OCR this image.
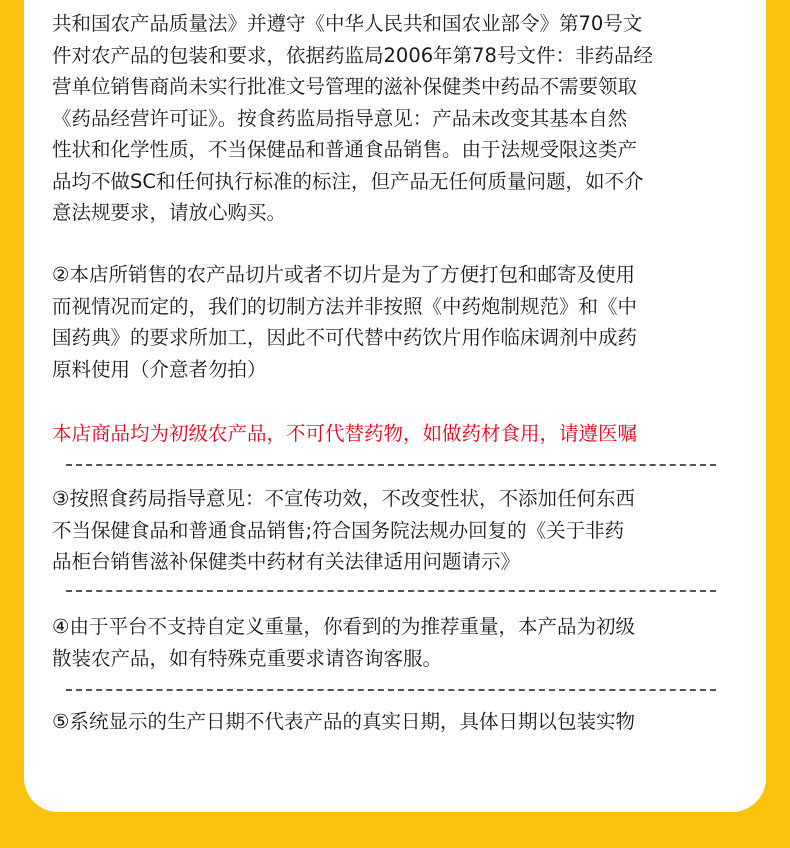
共和国农产品质量法》并遵守《中华人民共和国农业部令》第70号文
件对农产品的包装和要求，依据药监局2006年第78号文件：非药品经
营单位销售商尚未实行批准文号管理的滋补保健类中药品不需要领取
《药品经营许可证》。按食药监局指导意见：产品未改变其基本自然
性状和化学性质，不当保健品和普通食品销售。由于法规受限这类产
品均不做SC和任何执行标准的标注，但产品无任何质量问题，如不介
意法规要求，请放心购买。

②本店所销售的农产品切片或者不切片是为了方便打包和邮寄及使用
而视情况而定的，我们的切制方法并非按照《中药炮制规范》和《中
国药典》的要求所加工，因此不可代替中药饮片用作临床调剂中成药
原料使用（介意者勿拍）

本店商品均为初级农产品，不可代替药物，如做药材食用，请遵医嘱

③按照食药局指导意见：不宣传功效，不改变性状，不添加任何东西
不当保健食品和普通食品销售;符合国务院法规办回复的《关于非药
品柜台销售滋补保健类中药材有关法律适用问题请示》

④由于平台不支持自定义重量，你看到的为推荐重量，本产品为初级
散装农产品，如有特殊克重要求请咨询客服。

⑤系统显示的生产日期不代表产品的真实日期，具体日期以包装实物
